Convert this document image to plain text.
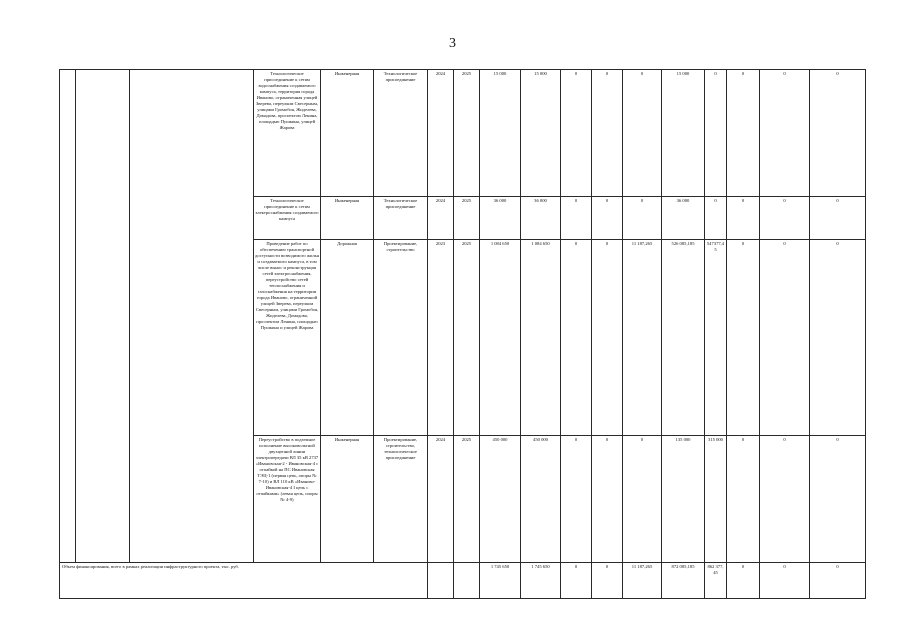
3
			Технологическое присоединение к сетям водоснабжения создаваемого кампуса, территория города Иваново, ограниченная улицей Зверева, переулком Свесерным, улицами Громобоя, Жиделева, Домадова, проспектом Ленина, площадью Пушкина, улицей Жарова	Инженерная	Технологическое присоединение	2024	2025	15 000	15 000	0	0	0	15 000	0	0	0	0
			Технологическое присоединение к сетям электроснабжения создаваемого кампуса	Инженерная	Технологическое присоединение	2024	2025	36 000	36 000	0	0	0	36 000	0	0	0	0
			Проведение работ по обеспечению транспортной доступности возводимого жилья и создаваемого кампуса, в том числе вынос и реконструкция сетей электроснабжения, переустройство сетей теплоснабжения и газоснабжения на территории города Иваново, ограниченной улицей Зверева, переулком Свесерным, улицами Громобоя, Жиделева, Домадова, проспектом Ленина, площадью Пушкина и улицей Жарова	Дорожная	Проектирование, строительство	2023	2025	1 084 650	1 084 650	0	0	11 187,265	526 085,185	547377,45	0	0	0
			Переустройство в подземное исполнение высоковольтной двухцепной линии электропередачи ВЛ 35 кВ 2737 «Ивановская-2 - Ивановская-4 с отпайкой на ПС Ивановская ТЭЦ-1 (первая цепь, опоры № 7-10) и ВЛ 110 кВ «Иваново-Ивановская-4 I цепь с отпайками» (левая цепь, опоры № 4-9)	Инженерная	Проектирование, строительство, технологическое присоединение	2024	2025	450 000	450 000	0	0	0	135 000	315 000	0	0	0
Объем финансирования, всего в рамках реализации инфраструктурного проекта, тыс. руб.								1 745 650	1 745 650	0	0	11 187,265	872 085,185	862 377, 45	0	0	0
